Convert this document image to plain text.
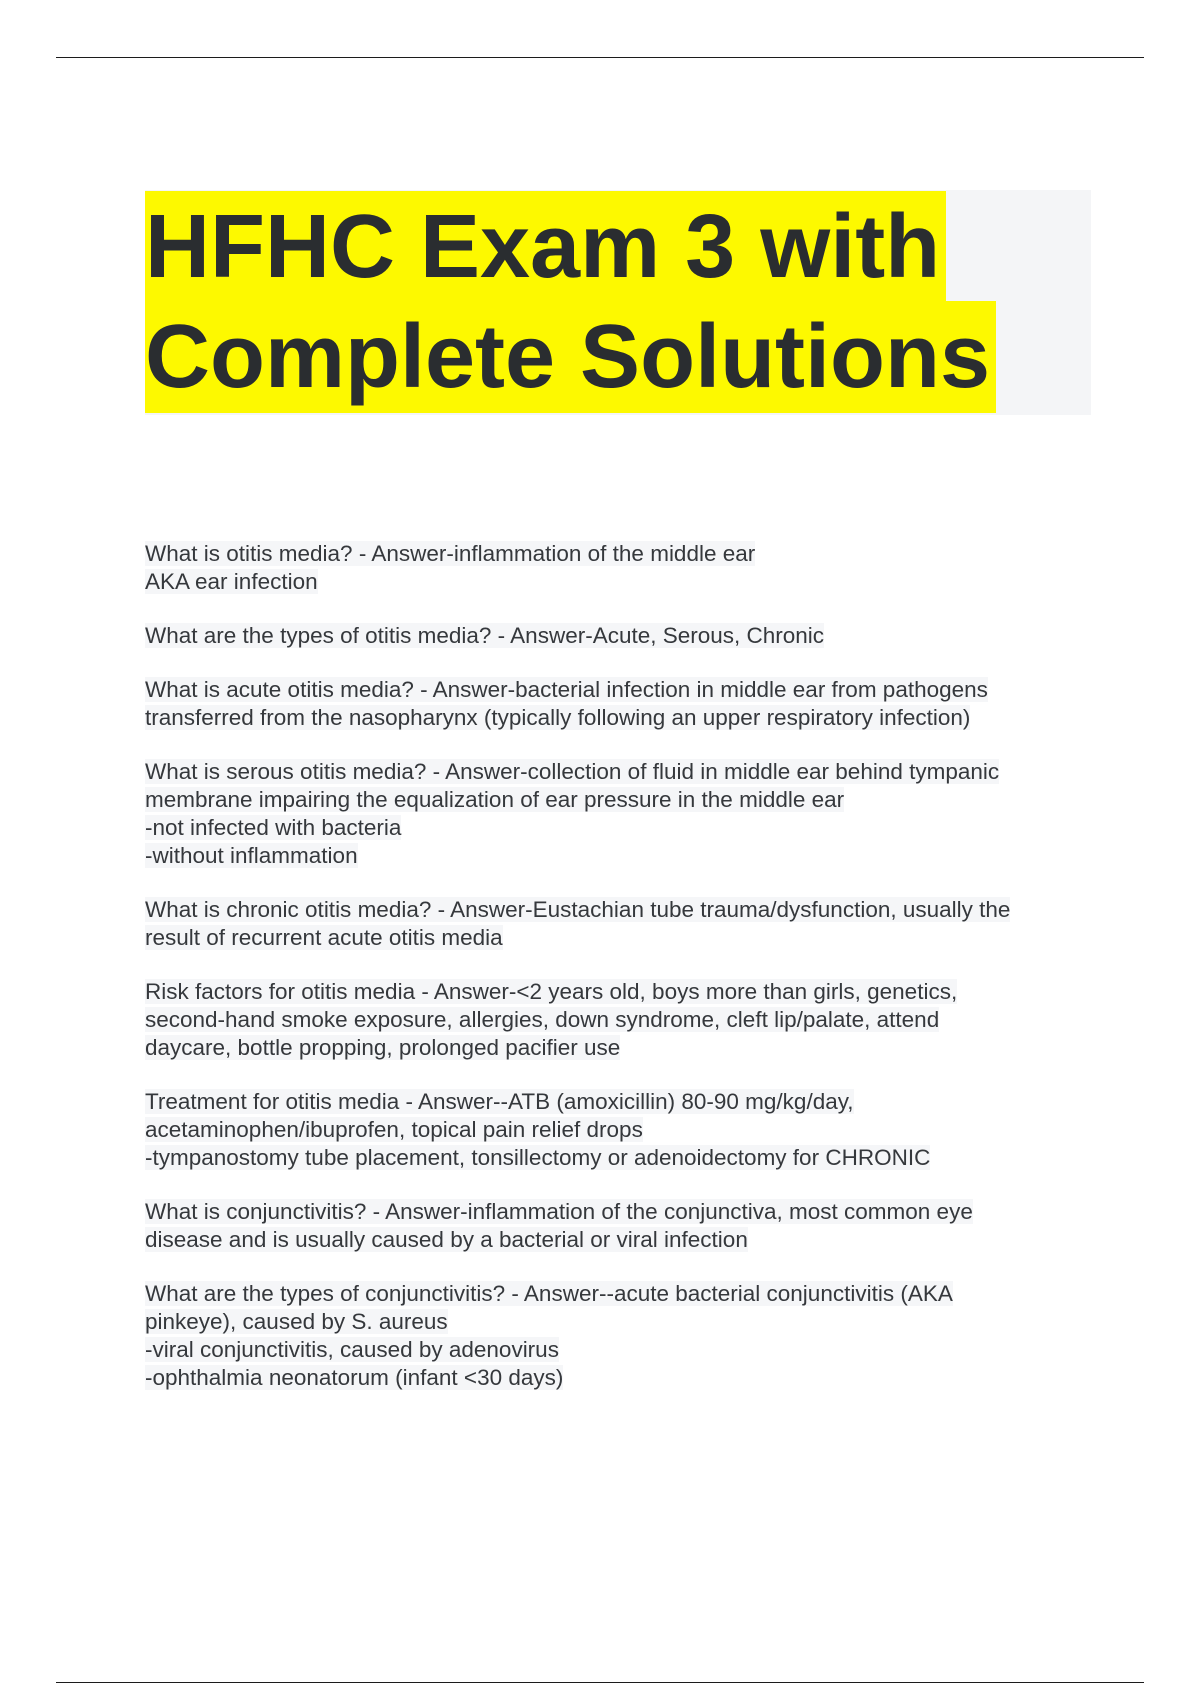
HFHC Exam 3 with
Complete Solutions

What is otitis media? - Answer-inflammation of the middle ear
AKA ear infection

What are the types of otitis media? - Answer-Acute, Serous, Chronic

What is acute otitis media? - Answer-bacterial infection in middle ear from pathogens
transferred from the nasopharynx (typically following an upper respiratory infection)

What is serous otitis media? - Answer-collection of fluid in middle ear behind tympanic
membrane impairing the equalization of ear pressure in the middle ear
-not infected with bacteria
-without inflammation

What is chronic otitis media? - Answer-Eustachian tube trauma/dysfunction, usually the
result of recurrent acute otitis media

Risk factors for otitis media - Answer-<2 years old, boys more than girls, genetics,
second-hand smoke exposure, allergies, down syndrome, cleft lip/palate, attend
daycare, bottle propping, prolonged pacifier use

Treatment for otitis media - Answer--ATB (amoxicillin) 80-90 mg/kg/day,
acetaminophen/ibuprofen, topical pain relief drops
-tympanostomy tube placement, tonsillectomy or adenoidectomy for CHRONIC

What is conjunctivitis? - Answer-inflammation of the conjunctiva, most common eye
disease and is usually caused by a bacterial or viral infection

What are the types of conjunctivitis? - Answer--acute bacterial conjunctivitis (AKA
pinkeye), caused by S. aureus
-viral conjunctivitis, caused by adenovirus
-ophthalmia neonatorum (infant <30 days)
